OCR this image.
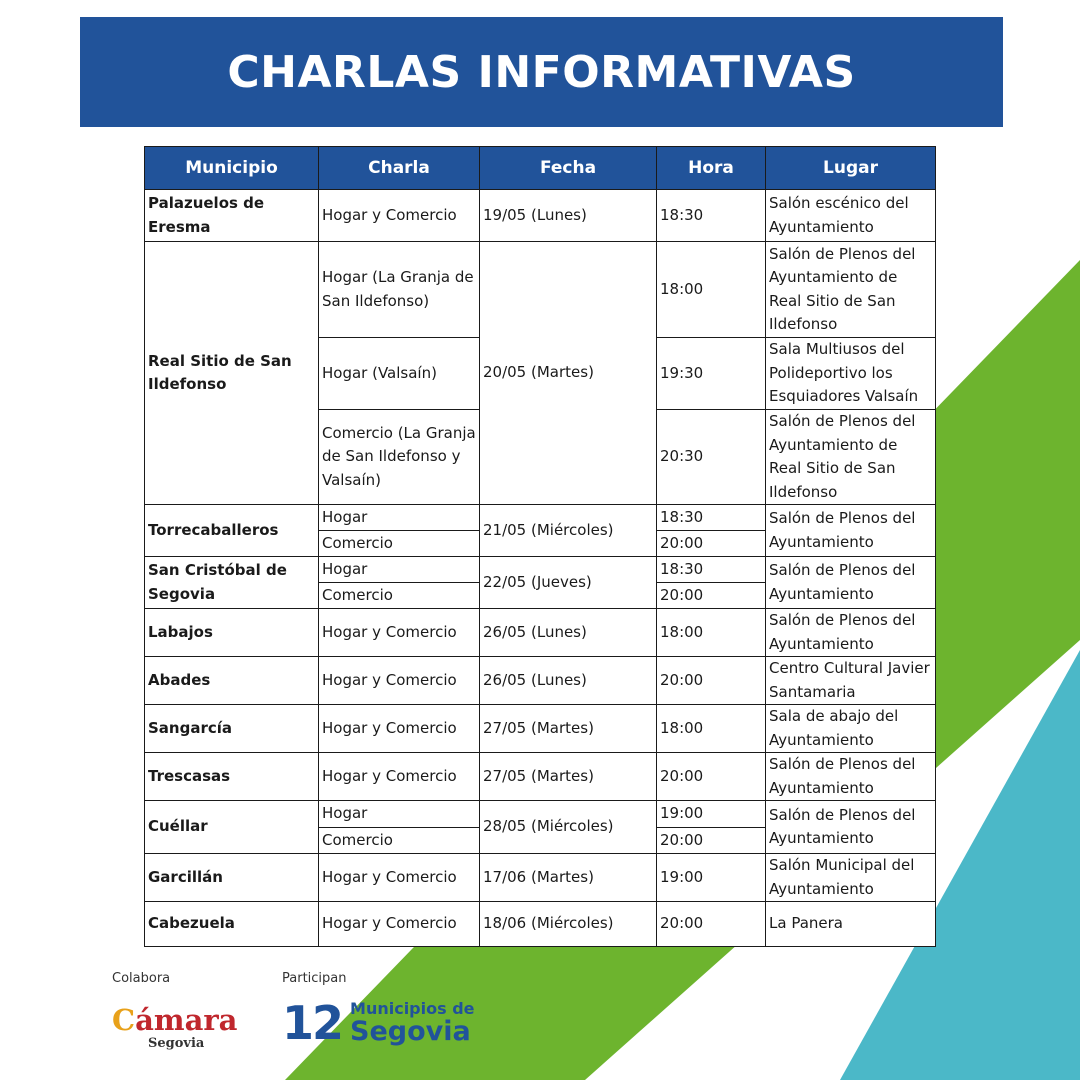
CHARLAS INFORMATIVAS
Municipio	Charla	Fecha	Hora	Lugar
Palazuelos de Eresma	Hogar y Comercio	19/05 (Lunes)	18:30	Salón escénico del Ayuntamiento
Real Sitio de San Ildefonso	Hogar (La Granja de San Ildefonso)	20/05 (Martes)	18:00	Salón de Plenos del Ayuntamiento de Real Sitio de San Ildefonso
	Hogar (Valsaín)		19:30	Sala Multiusos del Polideportivo los Esquiadores Valsaín
	Comercio (La Granja de San Ildefonso y Valsaín)		20:30	Salón de Plenos del Ayuntamiento de Real Sitio de San Ildefonso
Torrecaballeros	Hogar	21/05 (Miércoles)	18:30	Salón de Plenos del Ayuntamiento
	Comercio		20:00	
San Cristóbal de Segovia	Hogar	22/05 (Jueves)	18:30	Salón de Plenos del Ayuntamiento
	Comercio		20:00	
Labajos	Hogar y Comercio	26/05 (Lunes)	18:00	Salón de Plenos del Ayuntamiento
Abades	Hogar y Comercio	26/05 (Lunes)	20:00	Centro Cultural Javier Santamaria
Sangarcía	Hogar y Comercio	27/05 (Martes)	18:00	Sala de abajo del Ayuntamiento
Trescasas	Hogar y Comercio	27/05 (Martes)	20:00	Salón de Plenos del Ayuntamiento
Cuéllar	Hogar	28/05 (Miércoles)	19:00	Salón de Plenos del Ayuntamiento
	Comercio		20:00	
Garcillán	Hogar y Comercio	17/06 (Martes)	19:00	Salón Municipal del Ayuntamiento
Cabezuela	Hogar y Comercio	18/06 (Miércoles)	20:00	La Panera
Colabora	Participan
Cámara
Segovia	12 Municipios de
Segovia
